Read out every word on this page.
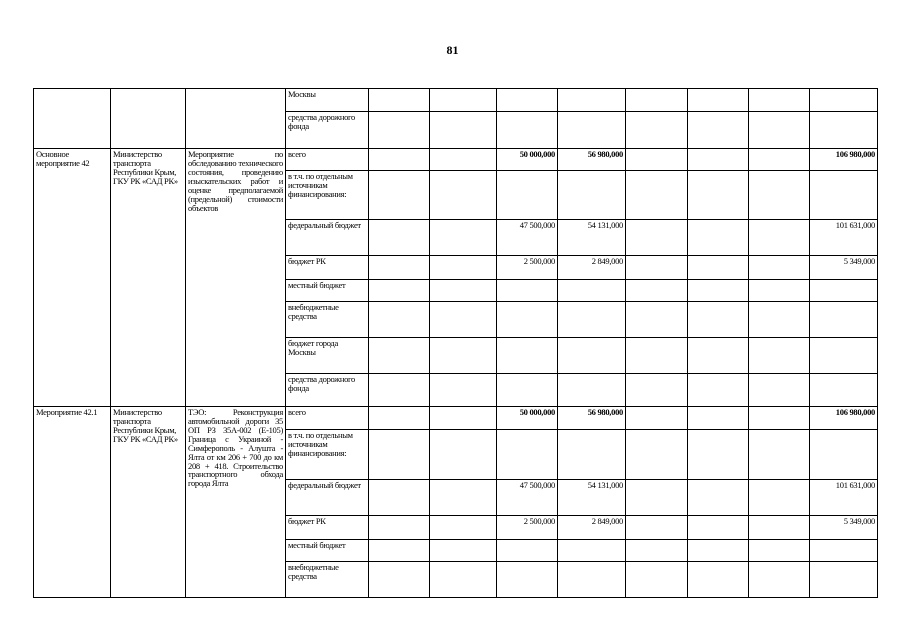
81
			Москвы								
			средства дорожного фонда								
Основное мероприятие 42	Министерство транспорта Республики Крым, ГКУ РК «САД РК»	Мероприятие по обследованию технического состояния, проведению изыскательских работ и оценке предполагаемой (предельной) стоимости объектов	всего			50 000,000	56 980,000				106 980,000
			в т.ч. по отдельным источникам финансирования:								
			федеральный бюджет			47 500,000	54 131,000				101 631,000
			бюджет РК			2 500,000	2 849,000				5 349,000
			местный бюджет								
			внебюджетные средства								
			бюджет города Москвы								
			средства дорожного фонда								
Мероприятие 42.1	Министерство транспорта Республики Крым, ГКУ РК «САД РК»	ТЭО: Реконструкция автомобильной дороги 35 ОП РЗ 35А-002 (Е-105) Граница с Украиной - Симферополь - Алушта - Ялта от км 206 + 700 до км 208 + 418. Строительство транспортного обхода города Ялта	всего			50 000,000	56 980,000				106 980,000
			в т.ч. по отдельным источникам финансирования:								
			федеральный бюджет			47 500,000	54 131,000				101 631,000
			бюджет РК			2 500,000	2 849,000				5 349,000
			местный бюджет								
			внебюджетные средства								
